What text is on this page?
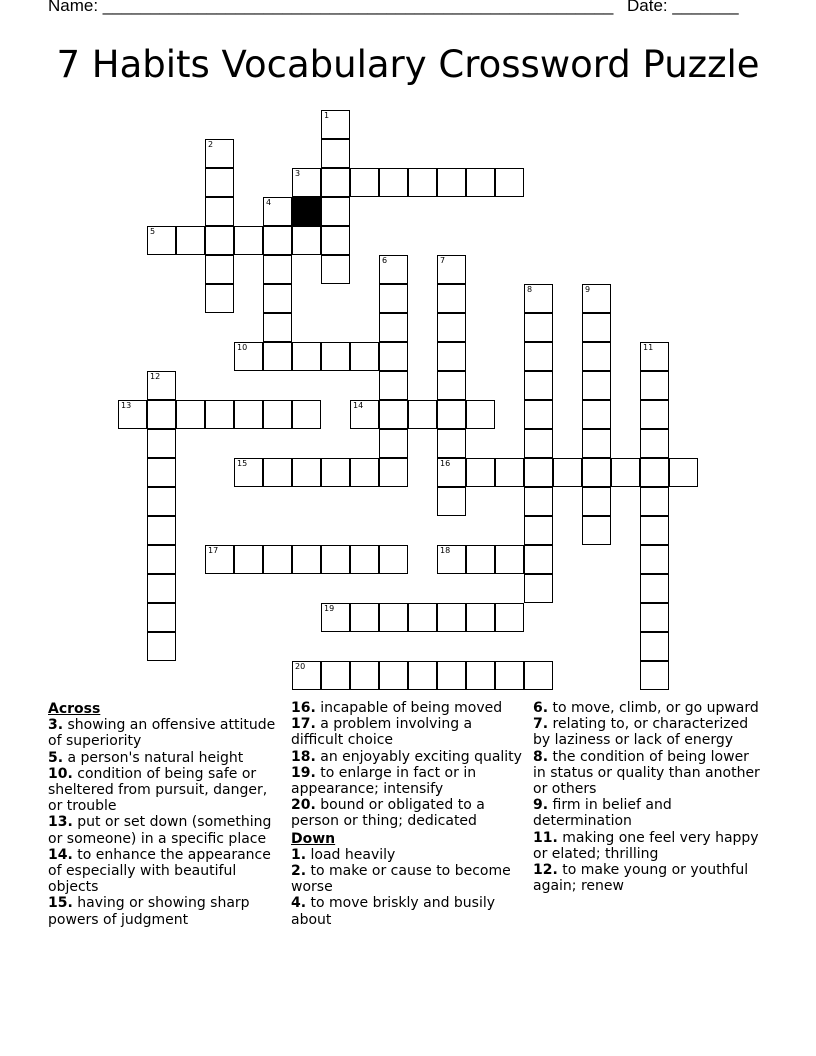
Name: ______________________________________________________ Date: _______
7 Habits Vocabulary Crossword Puzzle
1
2
3
4
5
6	7
16
8	9
10	11
12
13	14
15
17	18
19
20
Across
3. showing an offensive attitude of superiority
5. a person's natural height
10. condition of being safe or sheltered from pursuit, danger, or trouble
13. put or set down (something or someone) in a specific place
14. to enhance the appearance of especially with beautiful objects
15. having or showing sharp powers of judgment
16. incapable of being moved
17. a problem involving a difficult choice
18. an enjoyably exciting quality
19. to enlarge in fact or in appearance; intensify
20. bound or obligated to a person or thing; dedicated
Down
1. load heavily
2. to make or cause to become worse
4. to move briskly and busily about
6. to move, climb, or go upward
7. relating to, or characterized by laziness or lack of energy
8. the condition of being lower in status or quality than another or others
9. firm in belief and determination
11. making one feel very happy or elated; thrilling
12. to make young or youthful again; renew
